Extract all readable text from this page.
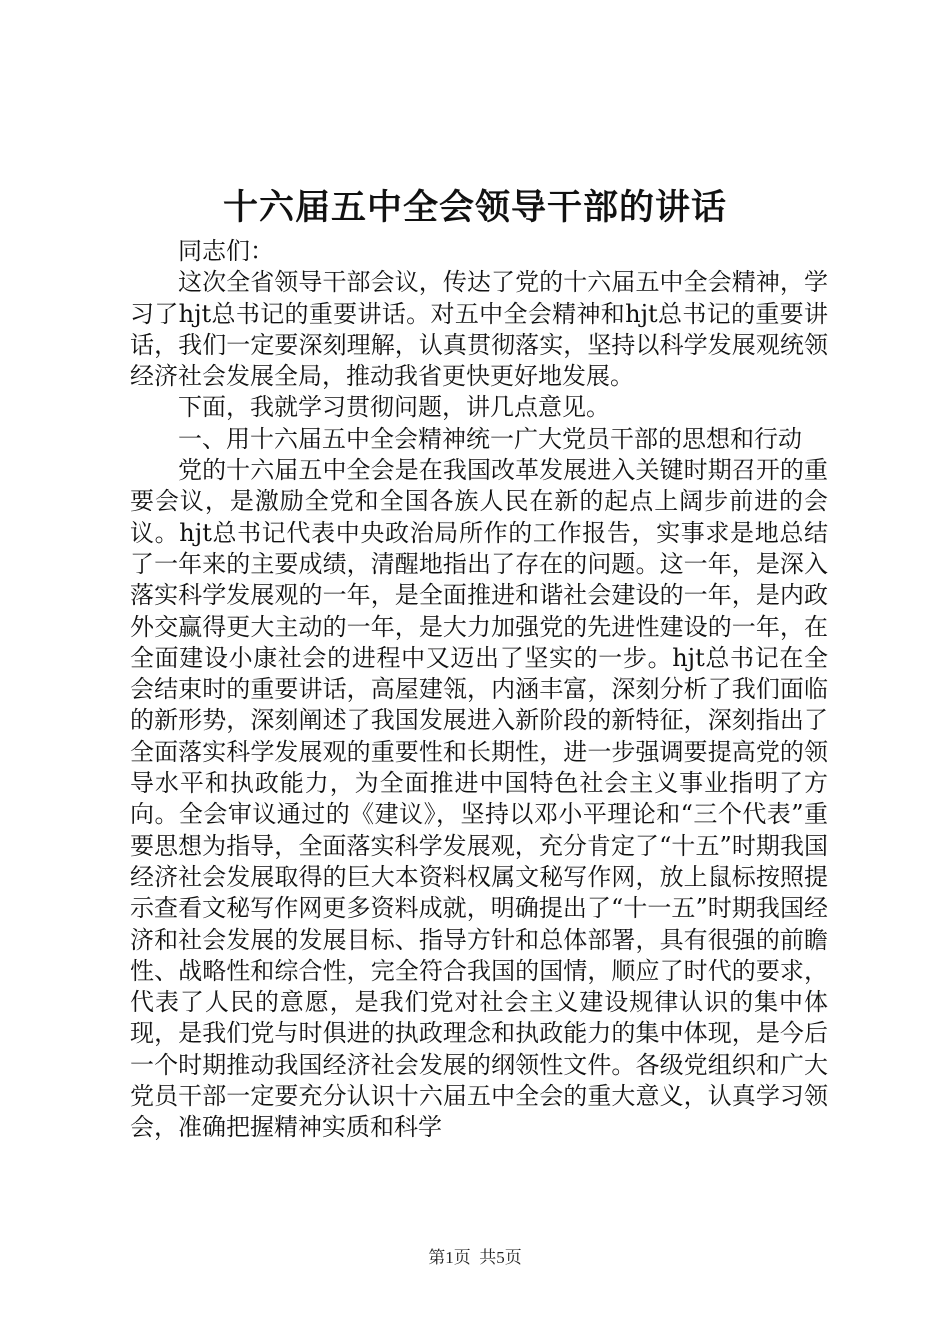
十六届五中全会领导干部的讲话

同志们：

这次全省领导干部会议，传达了党的十六届五中全会精神，学习了hjt总书记的重要讲话。对五中全会精神和hjt总书记的重要讲话，我们一定要深刻理解，认真贯彻落实，坚持以科学发展观统领经济社会发展全局，推动我省更快更好地发展。

下面，我就学习贯彻问题，讲几点意见。

一、用十六届五中全会精神统一广大党员干部的思想和行动

党的十六届五中全会是在我国改革发展进入关键时期召开的重要会议，是激励全党和全国各族人民在新的起点上阔步前进的会议。hjt总书记代表中央政治局所作的工作报告，实事求是地总结了一年来的主要成绩，清醒地指出了存在的问题。这一年，是深入落实科学发展观的一年，是全面推进和谐社会建设的一年，是内政外交赢得更大主动的一年，是大力加强党的先进性建设的一年，在全面建设小康社会的进程中又迈出了坚实的一步。hjt总书记在全会结束时的重要讲话，高屋建瓴，内涵丰富，深刻分析了我们面临的新形势，深刻阐述了我国发展进入新阶段的新特征，深刻指出了全面落实科学发展观的重要性和长期性，进一步强调要提高党的领导水平和执政能力，为全面推进中国特色社会主义事业指明了方向。全会审议通过的《建议》，坚持以邓小平理论和“三个代表”重要思想为指导，全面落实科学发展观，充分肯定了“十五”时期我国经济社会发展取得的巨大本资料权属文秘写作网，放上鼠标按照提示查看文秘写作网更多资料成就，明确提出了“十一五”时期我国经济和社会发展的发展目标、指导方针和总体部署，具有很强的前瞻性、战略性和综合性，完全符合我国的国情，顺应了时代的要求，代表了人民的意愿，是我们党对社会主义建设规律认识的集中体现，是我们党与时俱进的执政理念和执政能力的集中体现，是今后一个时期推动我国经济社会发展的纲领性文件。各级党组织和广大党员干部一定要充分认识十六届五中全会的重大意义，认真学习领会，准确把握精神实质和科学

第1页 共5页
